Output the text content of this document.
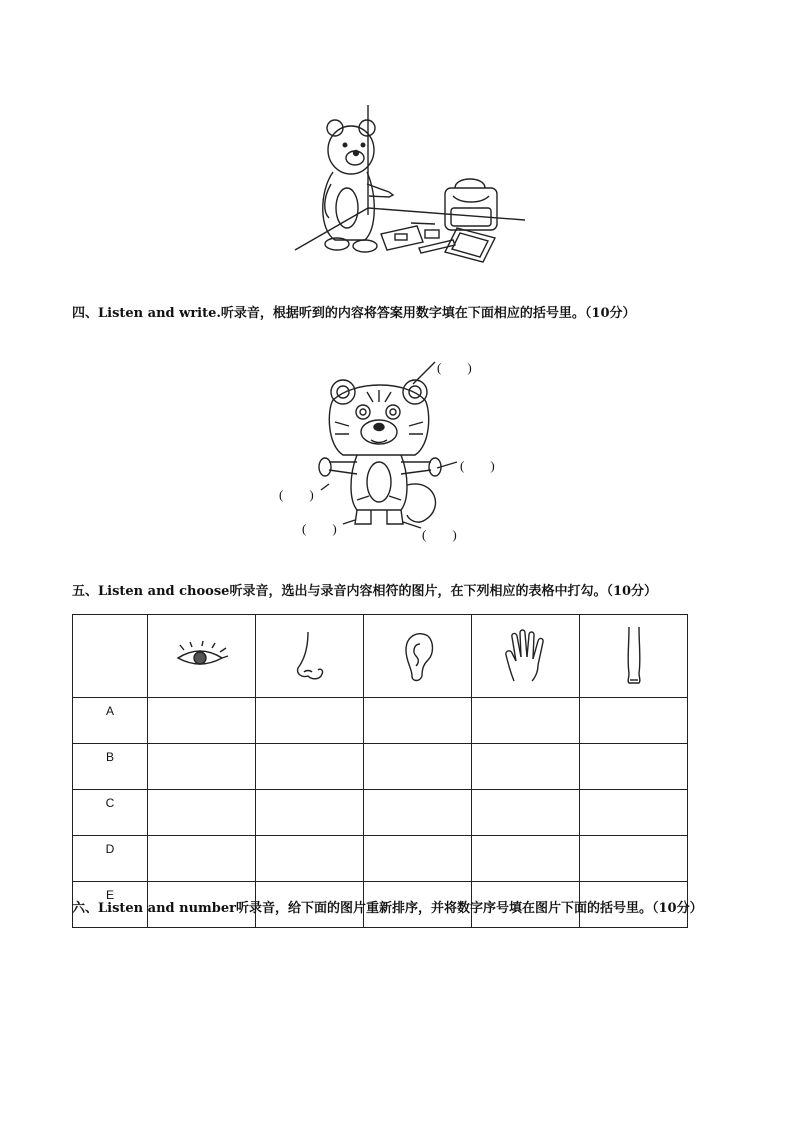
四、Listen and write.听录音，根据听到的内容将答案用数字填在下面相应的括号里。（10分）
(　　)
(　　)
(　　)
(　　)	(　　)
五、Listen and choose听录音，选出与录音内容相符的图片，在下列相应的表格中打勾。（10分）

A					
B					
C					
D					
E					
六、Listen and number听录音，给下面的图片重新排序，并将数字序号填在图片下面的括号里。（10分）
